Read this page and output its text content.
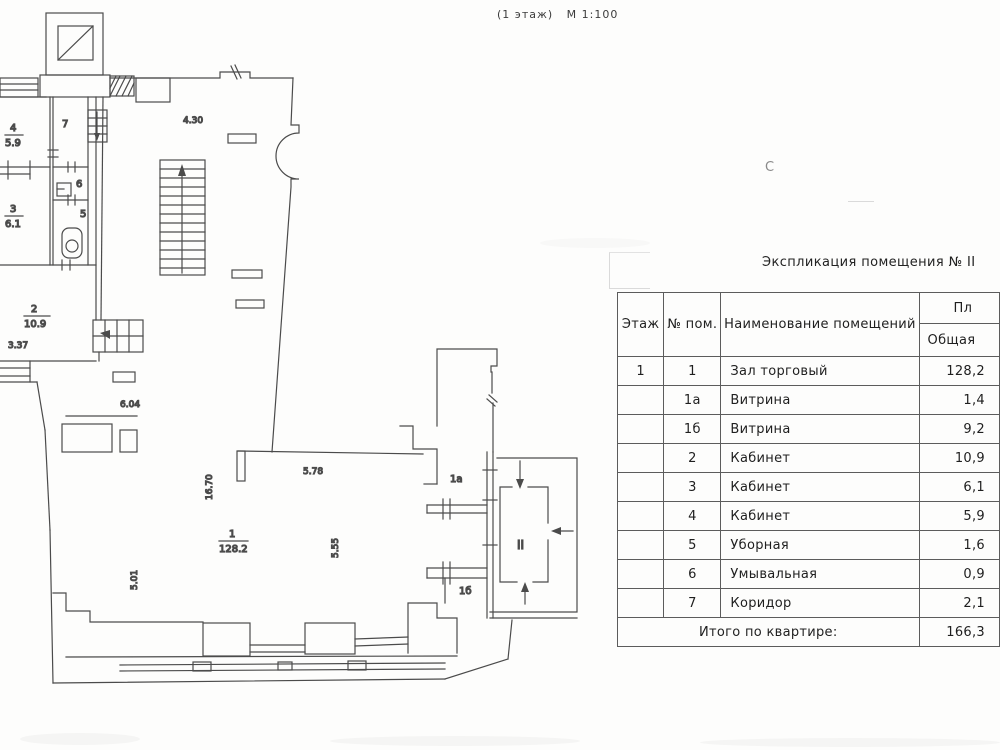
(1 этаж)   М 1:100
4.30
3.37
6.04
5.78
16.70
5.55
5.01
4
5.9
3
6.1
2
10.9
7
6
5
1
128.2
1а
1б
II
С
Экспликация помещения № II
Этаж	№ пом.	Наименование помещений	Пл
			Общая
1	1	Зал торговый	128,2
	1а	Витрина	1,4
	1б	Витрина	9,2
	2	Кабинет	10,9
	3	Кабинет	6,1
	4	Кабинет	5,9
	5	Уборная	1,6
	6	Умывальная	0,9
	7	Коридор	2,1
Итого по квартире:			166,3
